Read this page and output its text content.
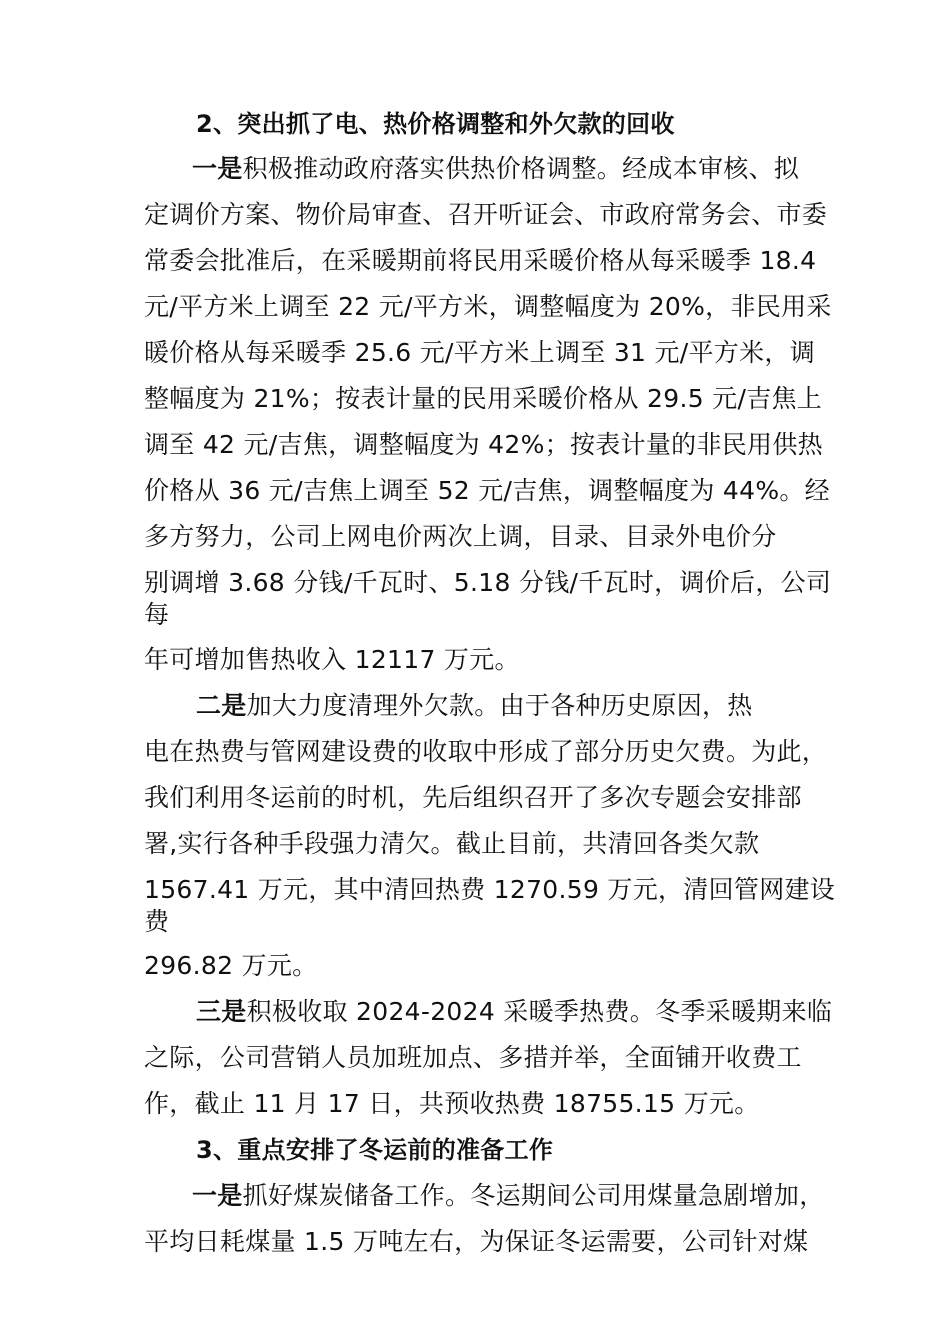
2、突出抓了电、热价格调整和外欠款的回收
一是积极推动政府落实供热价格调整。经成本审核、拟
定调价方案、物价局审查、召开听证会、市政府常务会、市委
常委会批准后，在采暖期前将民用采暖价格从每采暖季 18.4
元/平方米上调至 22 元/平方米，调整幅度为 20%，非民用采
暖价格从每采暖季 25.6 元/平方米上调至 31 元/平方米，调
整幅度为 21%；按表计量的民用采暖价格从 29.5 元/吉焦上
调至 42 元/吉焦，调整幅度为 42%；按表计量的非民用供热
价格从 36 元/吉焦上调至 52 元/吉焦，调整幅度为 44%。经
多方努力，公司上网电价两次上调，目录、目录外电价分
别调增 3.68 分钱/千瓦时、5.18 分钱/千瓦时，调价后，公司
每
年可增加售热收入 12117 万元。
二是加大力度清理外欠款。由于各种历史原因，热
电在热费与管网建设费的收取中形成了部分历史欠费。为此，
我们利用冬运前的时机，先后组织召开了多次专题会安排部
署,实行各种手段强力清欠。截止目前，共清回各类欠款
1567.41 万元，其中清回热费 1270.59 万元，清回管网建设
费
296.82 万元。
三是积极收取 2024-2024 采暖季热费。冬季采暖期来临
之际，公司营销人员加班加点、多措并举，全面铺开收费工
作，截止 11 月 17 日，共预收热费 18755.15 万元。
3、重点安排了冬运前的准备工作
一是抓好煤炭储备工作。冬运期间公司用煤量急剧增加，
平均日耗煤量 1.5 万吨左右，为保证冬运需要，公司针对煤
